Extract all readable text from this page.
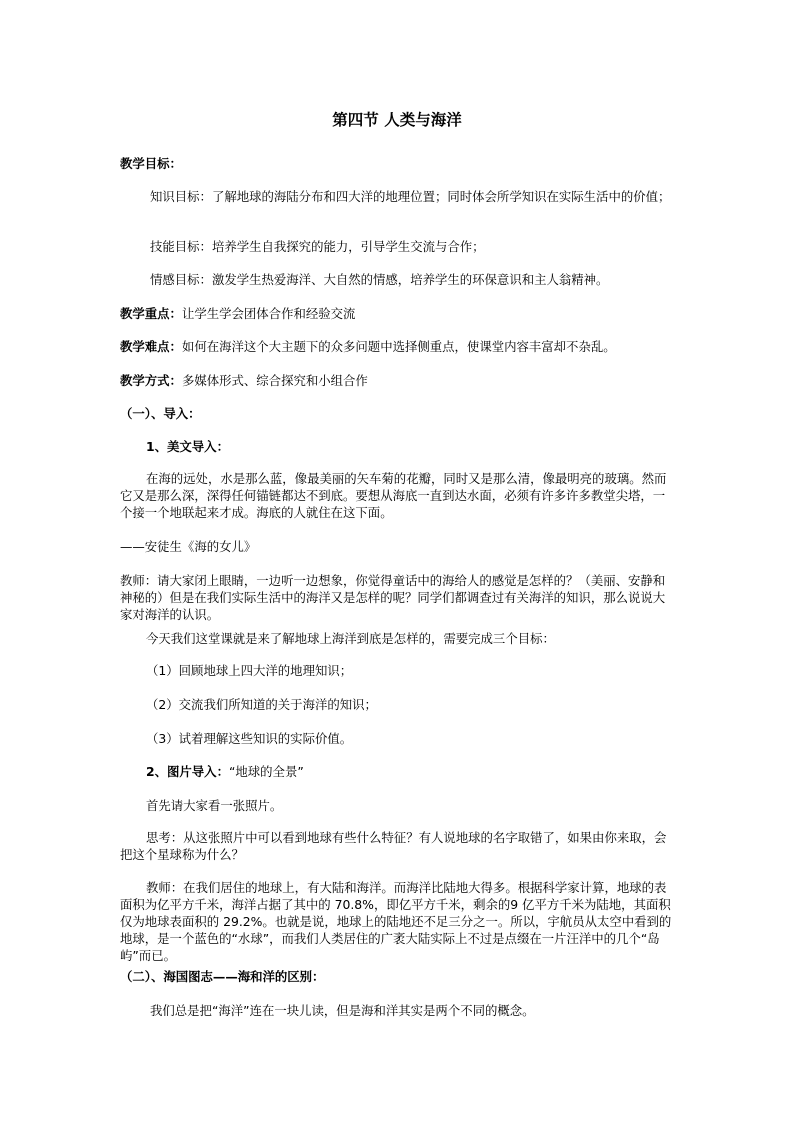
第四节 人类与海洋
教学目标：
知识目标：了解地球的海陆分布和四大洋的地理位置；同时体会所学知识在实际生活中的价值；
技能目标：培养学生自我探究的能力，引导学生交流与合作；
情感目标：激发学生热爱海洋、大自然的情感，培养学生的环保意识和主人翁精神。
教学重点：让学生学会团体合作和经验交流
教学难点：如何在海洋这个大主题下的众多问题中选择侧重点，使课堂内容丰富却不杂乱。
教学方式：多媒体形式、综合探究和小组合作
（一）、导入：
1、美文导入：
在海的远处，水是那么蓝，像最美丽的矢车菊的花瓣，同时又是那么清，像最明亮的玻璃。然而它又是那么深，深得任何锚链都达不到底。要想从海底一直到达水面，必须有许多许多教堂尖塔，一个接一个地联起来才成。海底的人就住在这下面。
——安徒生《海的女儿》
教师：请大家闭上眼睛，一边听一边想象，你觉得童话中的海给人的感觉是怎样的？（美丽、安静和神秘的）但是在我们实际生活中的海洋又是怎样的呢？同学们都调查过有关海洋的知识，那么说说大家对海洋的认识。
今天我们这堂课就是来了解地球上海洋到底是怎样的，需要完成三个目标：
（1）回顾地球上四大洋的地理知识；
（2）交流我们所知道的关于海洋的知识；
（3）试着理解这些知识的实际价值。
2、图片导入：“地球的全景”
首先请大家看一张照片。
思考：从这张照片中可以看到地球有些什么特征？有人说地球的名字取错了，如果由你来取，会把这个星球称为什么？
教师：在我们居住的地球上，有大陆和海洋。而海洋比陆地大得多。根据科学家计算，地球的表面积为亿平方千米，海洋占据了其中的 70.8%，即亿平方千米，剩余的9 亿平方千米为陆地，其面积仅为地球表面积的 29.2%。也就是说，地球上的陆地还不足三分之一。所以，宇航员从太空中看到的地球，是一个蓝色的“水球”，而我们人类居住的广袤大陆实际上不过是点缀在一片汪洋中的几个“岛屿”而已。
（二）、海国图志——海和洋的区别：
我们总是把“海洋”连在一块儿读，但是海和洋其实是两个不同的概念。
